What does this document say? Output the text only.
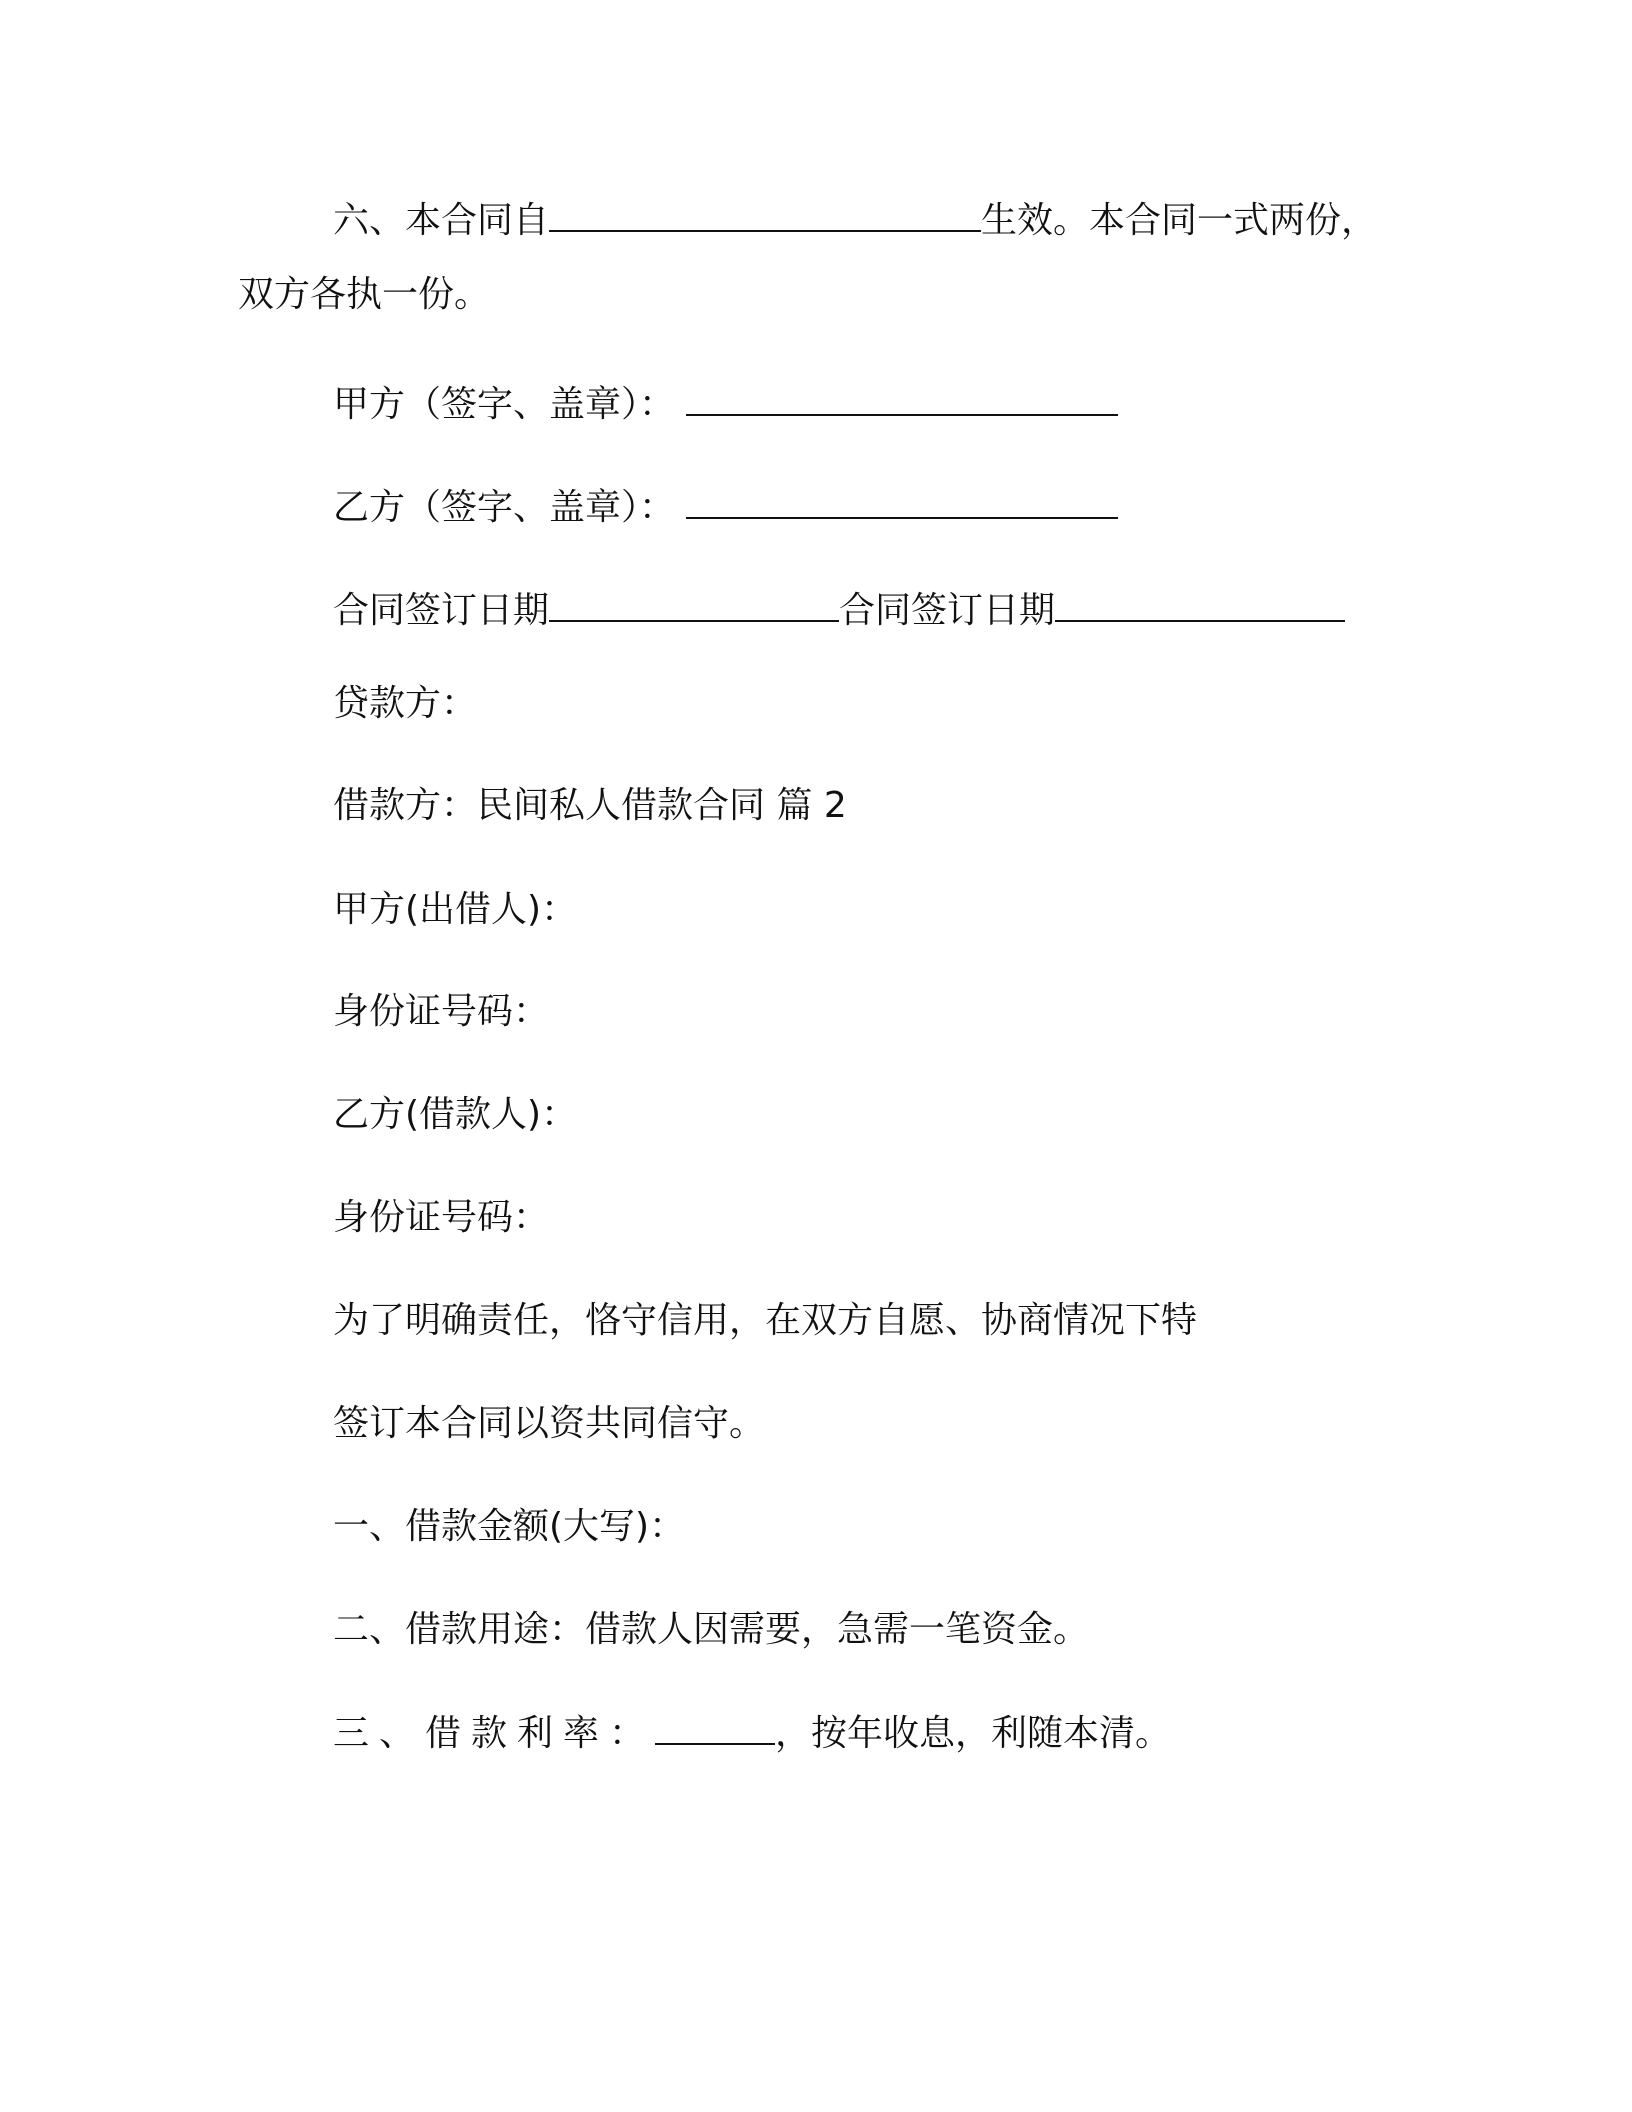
六、本合同自	生效。本合同一式两份，
双方各执一份。
甲方（签字、盖章）：
乙方（签字、盖章）：
合同签订日期	合同签订日期
贷款方：
借款方：民间私人借款合同 篇 2
甲方(出借人)：
身份证号码：
乙方(借款人)：
身份证号码：
为了明确责任，恪守信用，在双方自愿、协商情况下特
签订本合同以资共同信守。
一、借款金额(大写)：
二、借款用途：借款人因需要，急需一笔资金。
三、借款利率：	，按年收息，利随本清。
